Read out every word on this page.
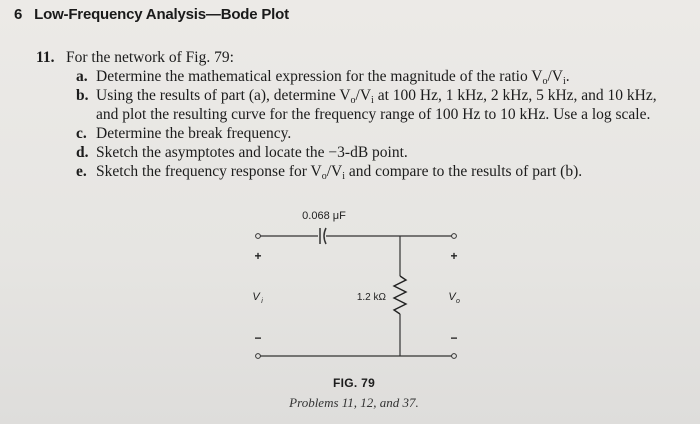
6 Low-Frequency Analysis—Bode Plot
11. For the network of Fig. 79:
a. Determine the mathematical expression for the magnitude of the ratio $V_o/V_i$.
b. Using the results of part (a), determine $V_o/V_i$ at 100 Hz, 1 kHz, 2 kHz, 5 kHz, and 10 kHz,
and plot the resulting curve for the frequency range of 100 Hz to 10 kHz. Use a log scale.
c. Determine the break frequency.
d. Sketch the asymptotes and locate the −3-dB point.
e. Sketch the frequency response for $V_o/V_i$ and compare to the results of part (b).
0.068 μF
1.2 kΩ
+	+
V i	V o
−	−
FIG. 79
Problems 11, 12, and 37.
